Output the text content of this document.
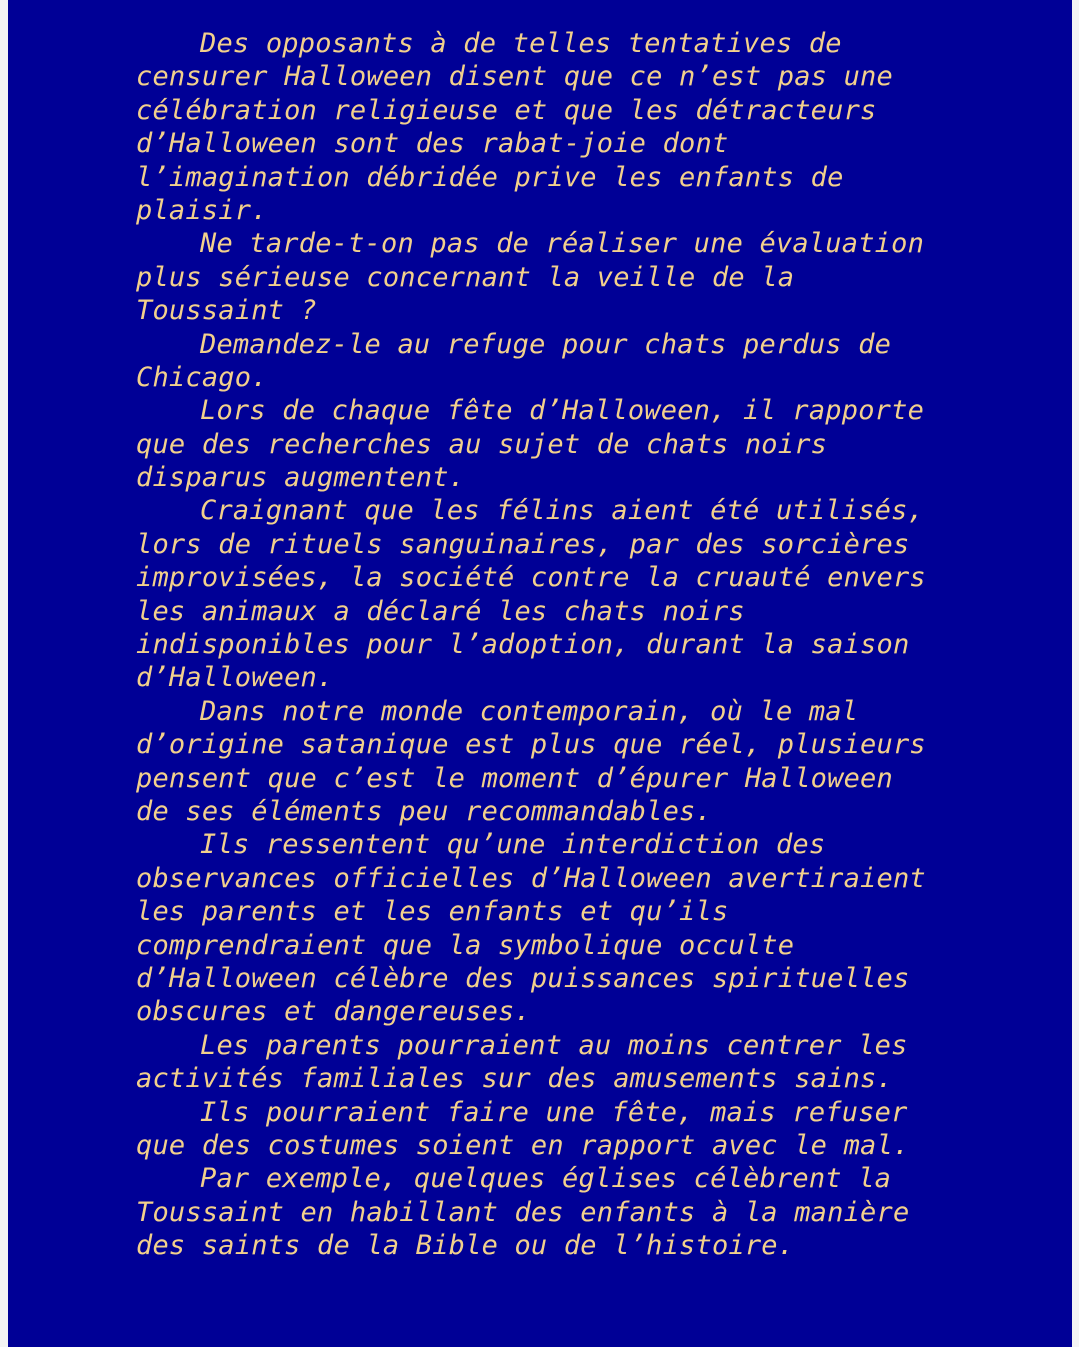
Des opposants à de telles tentatives de
censurer Halloween disent que ce n’est pas une
célébration religieuse et que les détracteurs
d’Halloween sont des rabat-joie dont
l’imagination débridée prive les enfants de
plaisir.
Ne tarde-t-on pas de réaliser une évaluation
plus sérieuse concernant la veille de la
Toussaint ?
Demandez-le au refuge pour chats perdus de
Chicago.
Lors de chaque fête d’Halloween, il rapporte
que des recherches au sujet de chats noirs
disparus augmentent.
Craignant que les félins aient été utilisés,
lors de rituels sanguinaires, par des sorcières
improvisées, la société contre la cruauté envers
les animaux a déclaré les chats noirs
indisponibles pour l’adoption, durant la saison
d’Halloween.
Dans notre monde contemporain, où le mal
d’origine satanique est plus que réel, plusieurs
pensent que c’est le moment d’épurer Halloween
de ses éléments peu recommandables.
Ils ressentent qu’une interdiction des
observances officielles d’Halloween avertiraient
les parents et les enfants et qu’ils
comprendraient que la symbolique occulte
d’Halloween célèbre des puissances spirituelles
obscures et dangereuses.
Les parents pourraient au moins centrer les
activités familiales sur des amusements sains.
Ils pourraient faire une fête, mais refuser
que des costumes soient en rapport avec le mal.
Par exemple, quelques églises célèbrent la
Toussaint en habillant des enfants à la manière
des saints de la Bible ou de l’histoire.
